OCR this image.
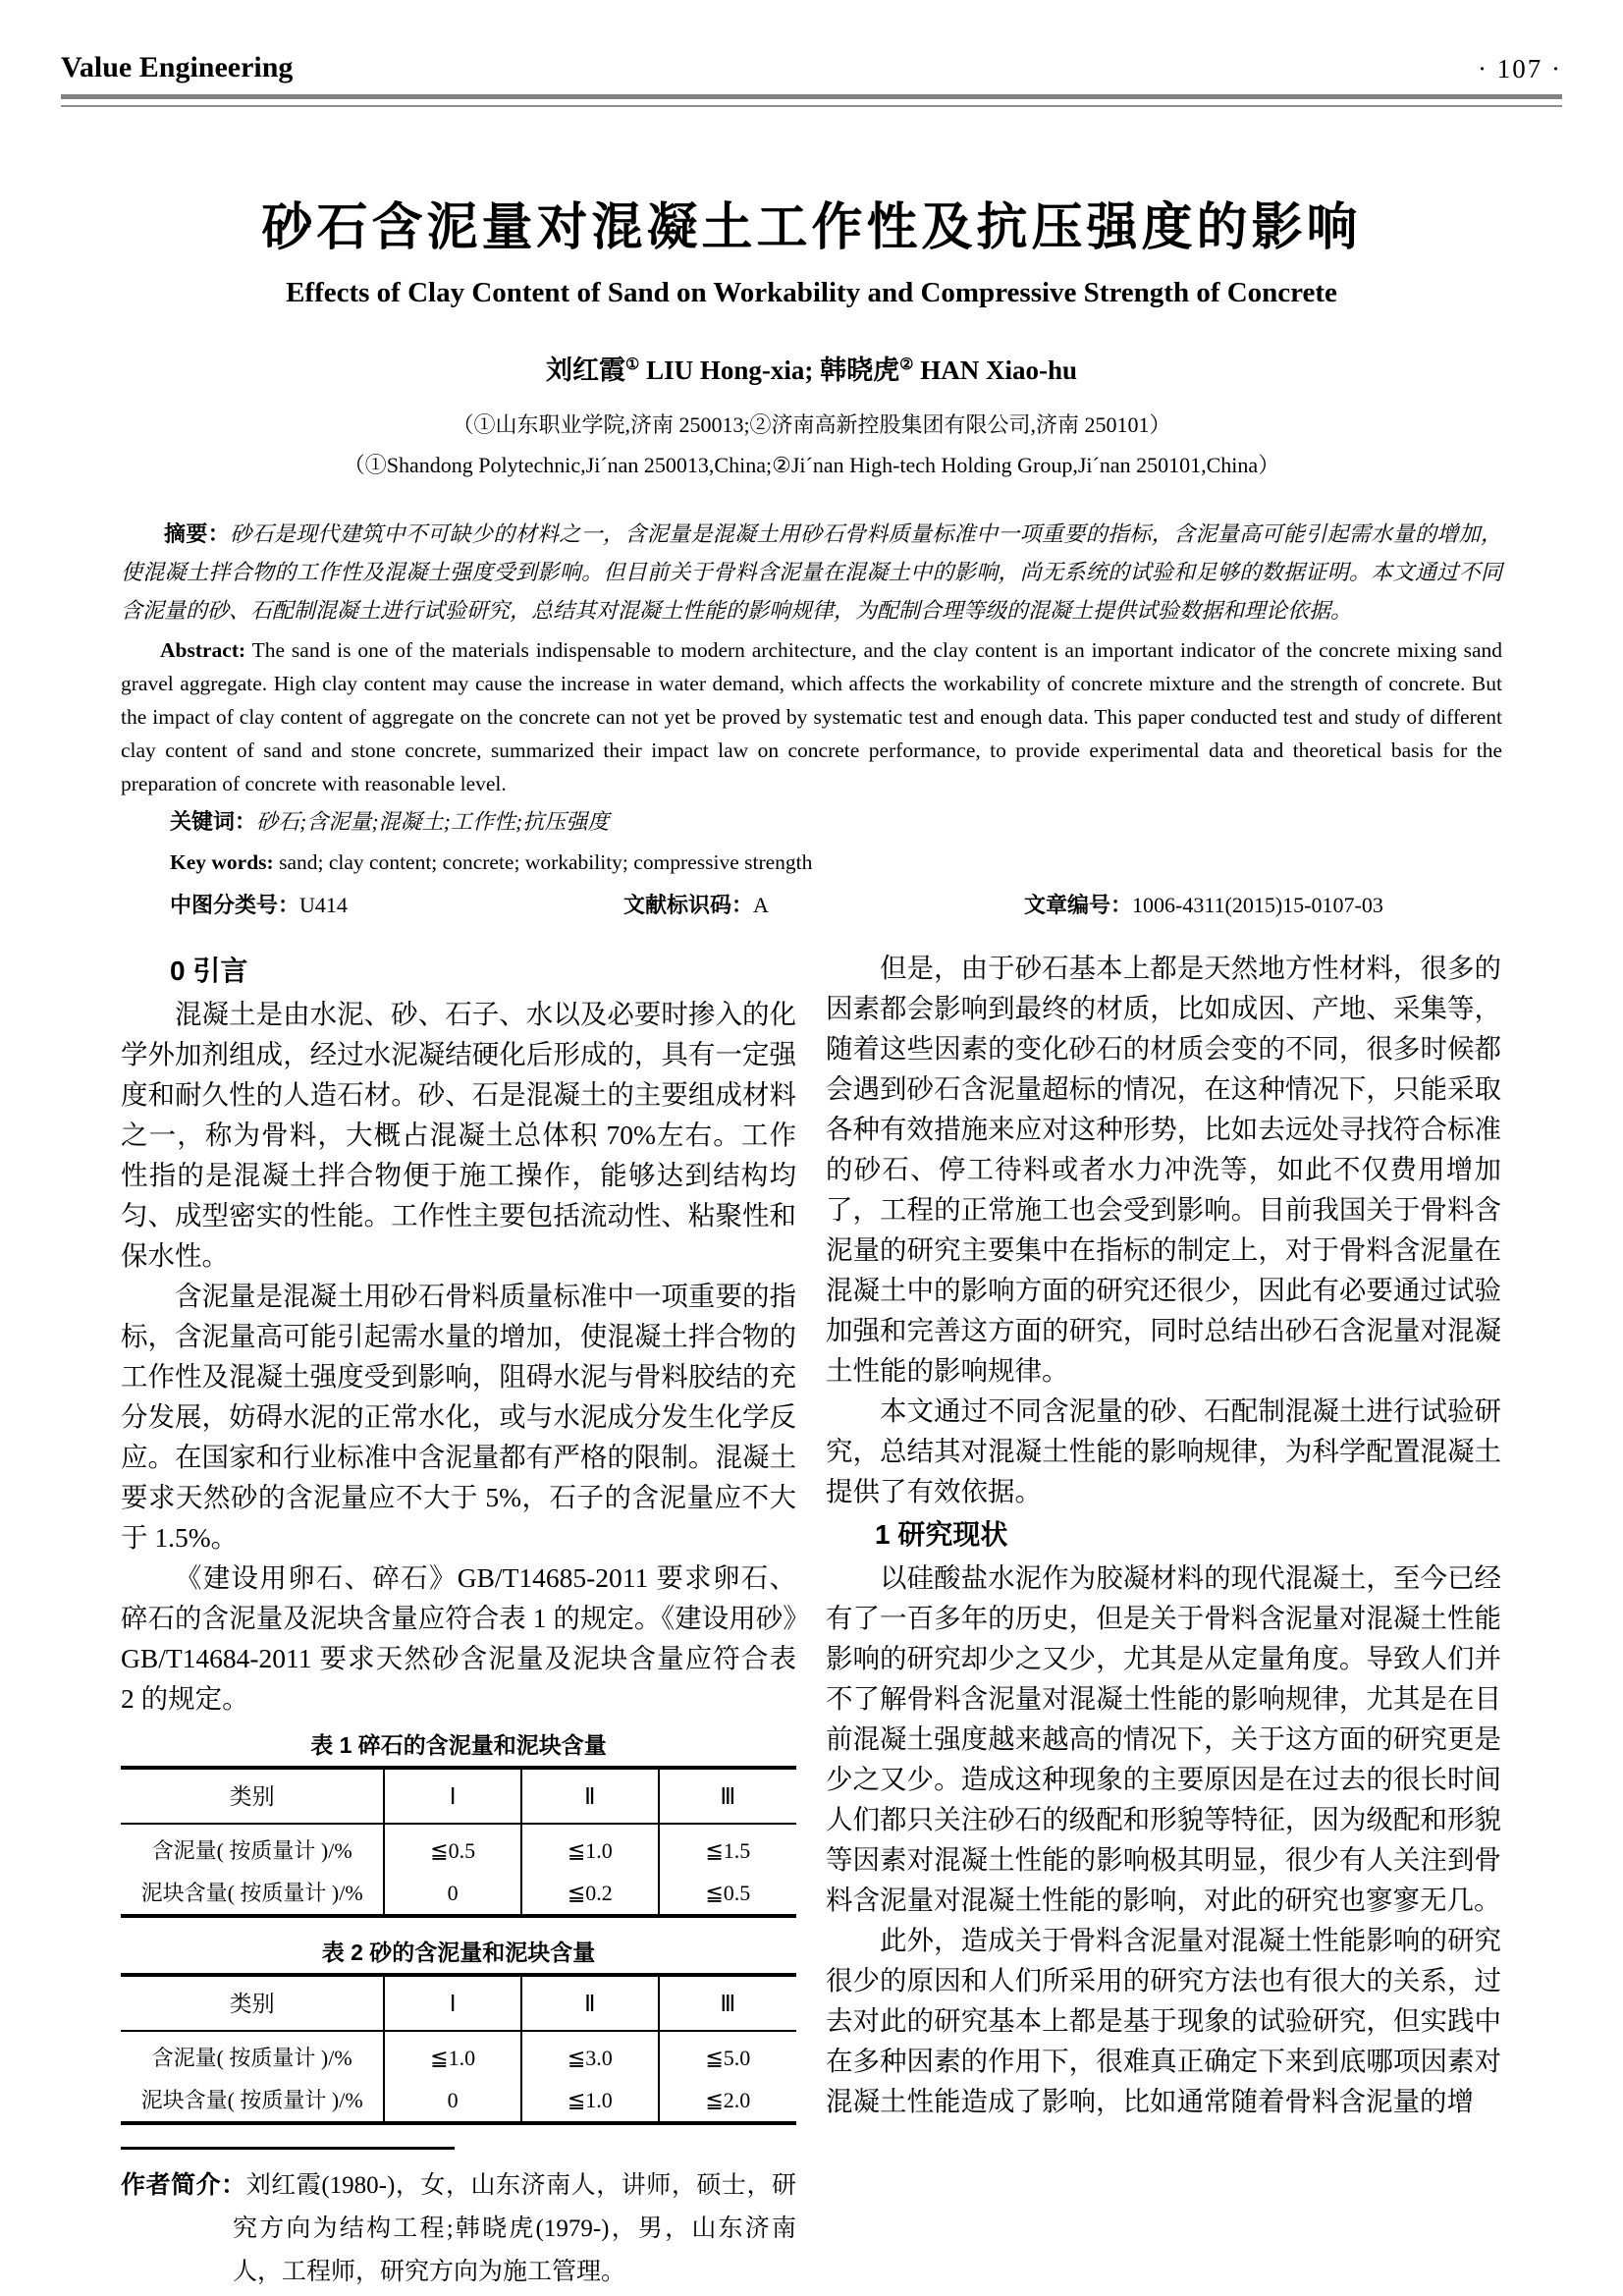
Value Engineering	· 107 ·
砂石含泥量对混凝土工作性及抗压强度的影响
Effects of Clay Content of Sand on Workability and Compressive Strength of Concrete
刘红霞① LIU Hong-xia; 韩晓虎② HAN Xiao-hu
（①山东职业学院,济南 250013;②济南高新控股集团有限公司,济南 250101）
（①Shandong Polytechnic,Ji´nan 250013,China;②Ji´nan High-tech Holding Group,Ji´nan 250101,China）

摘要：砂石是现代建筑中不可缺少的材料之一，含泥量是混凝土用砂石骨料质量标准中一项重要的指标，含泥量高可能引起需水量的增加，使混凝土拌合物的工作性及混凝土强度受到影响。但目前关于骨料含泥量在混凝土中的影响，尚无系统的试验和足够的数据证明。本文通过不同含泥量的砂、石配制混凝土进行试验研究，总结其对混凝土性能的影响规律，为配制合理等级的混凝土提供试验数据和理论依据。

Abstract: The sand is one of the materials indispensable to modern architecture, and the clay content is an important indicator of the concrete mixing sand gravel aggregate. High clay content may cause the increase in water demand, which affects the workability of concrete mixture and the strength of concrete. But the impact of clay content of aggregate on the concrete can not yet be proved by systematic test and enough data. This paper conducted test and study of different clay content of sand and stone concrete, summarized their impact law on concrete performance, to provide experimental data and theoretical basis for the preparation of concrete with reasonable level.

关键词：砂石;含泥量;混凝土;工作性;抗压强度

Key words: sand; clay content; concrete; workability; compressive strength

中图分类号：U414	文献标识码：A	文章编号：1006-4311(2015)15-0107-03
0 引言

混凝土是由水泥、砂、石子、水以及必要时掺入的化学外加剂组成，经过水泥凝结硬化后形成的，具有一定强度和耐久性的人造石材。砂、石是混凝土的主要组成材料之一，称为骨料，大概占混凝土总体积 70%左右。工作性指的是混凝土拌合物便于施工操作，能够达到结构均匀、成型密实的性能。工作性主要包括流动性、粘聚性和保水性。

含泥量是混凝土用砂石骨料质量标准中一项重要的指标，含泥量高可能引起需水量的增加，使混凝土拌合物的工作性及混凝土强度受到影响，阻碍水泥与骨料胶结的充分发展，妨碍水泥的正常水化，或与水泥成分发生化学反应。在国家和行业标准中含泥量都有严格的限制。混凝土要求天然砂的含泥量应不大于 5%，石子的含泥量应不大于 1.5%。

《建设用卵石、碎石》GB/T14685-2011 要求卵石、碎石的含泥量及泥块含量应符合表 1 的规定。《建设用砂》GB/T14684-2011 要求天然砂含泥量及泥块含量应符合表 2 的规定。

表 1 碎石的含泥量和泥块含量
类别	Ⅰ	Ⅱ	Ⅲ
含泥量( 按质量计 )/%	≦0.5	≦1.0	≦1.5
泥块含量( 按质量计 )/%	0	≦0.2	≦0.5
表 2 砂的含泥量和泥块含量
类别	Ⅰ	Ⅱ	Ⅲ
含泥量( 按质量计 )/%	≦1.0	≦3.0	≦5.0
泥块含量( 按质量计 )/%	0	≦1.0	≦2.0
作者简介：刘红霞(1980-)，女，山东济南人，讲师，硕士，研究方向为结构工程;韩晓虎(1979-)，男，山东济南人，工程师，研究方向为施工管理。

但是，由于砂石基本上都是天然地方性材料，很多的因素都会影响到最终的材质，比如成因、产地、采集等，随着这些因素的变化砂石的材质会变的不同，很多时候都会遇到砂石含泥量超标的情况，在这种情况下，只能采取各种有效措施来应对这种形势，比如去远处寻找符合标准的砂石、停工待料或者水力冲洗等，如此不仅费用增加了，工程的正常施工也会受到影响。目前我国关于骨料含泥量的研究主要集中在指标的制定上，对于骨料含泥量在混凝土中的影响方面的研究还很少，因此有必要通过试验加强和完善这方面的研究，同时总结出砂石含泥量对混凝土性能的影响规律。

本文通过不同含泥量的砂、石配制混凝土进行试验研究，总结其对混凝土性能的影响规律，为科学配置混凝土提供了有效依据。

1 研究现状

以硅酸盐水泥作为胶凝材料的现代混凝土，至今已经有了一百多年的历史，但是关于骨料含泥量对混凝土性能影响的研究却少之又少，尤其是从定量角度。导致人们并不了解骨料含泥量对混凝土性能的影响规律，尤其是在目前混凝土强度越来越高的情况下，关于这方面的研究更是少之又少。造成这种现象的主要原因是在过去的很长时间人们都只关注砂石的级配和形貌等特征，因为级配和形貌等因素对混凝土性能的影响极其明显，很少有人关注到骨料含泥量对混凝土性能的影响，对此的研究也寥寥无几。

此外，造成关于骨料含泥量对混凝土性能影响的研究很少的原因和人们所采用的研究方法也有很大的关系，过去对此的研究基本上都是基于现象的试验研究，但实践中在多种因素的作用下，很难真正确定下来到底哪项因素对混凝土性能造成了影响，比如通常随着骨料含泥量的增
